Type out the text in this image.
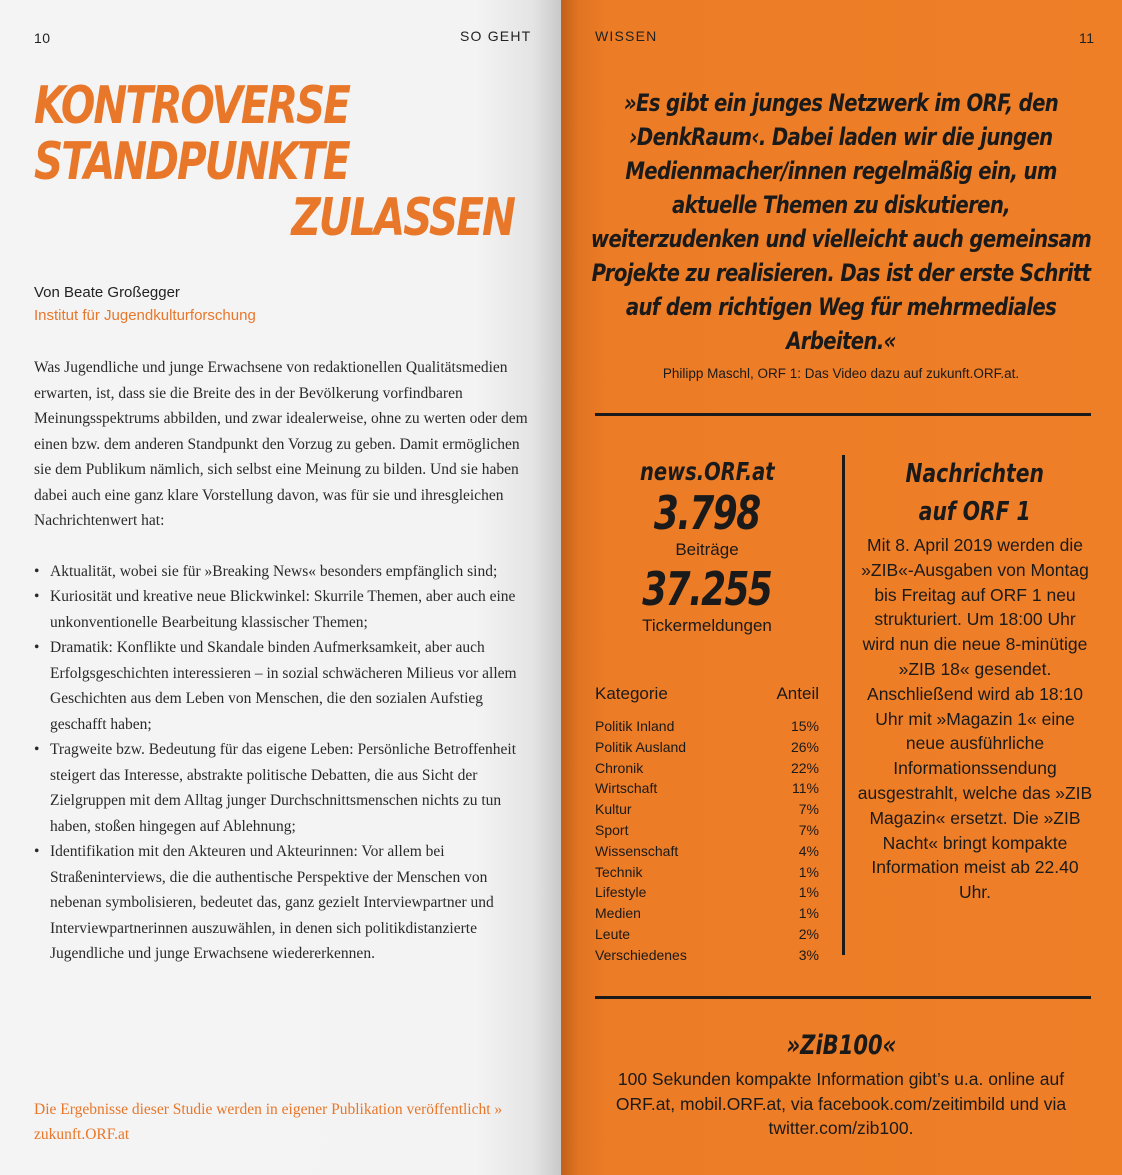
10	SO GEHT
KONTROVERSE
STANDPUNKTE
ZULASSEN
Von Beate Großegger
Institut für Jugendkulturforschung

Was Jugendliche und junge Erwachsene von redaktionellen Qualitätsmedien erwarten, ist, dass sie die Breite des in der Bevölkerung vorfindbaren Meinungsspektrums abbilden, und zwar idealerweise, ohne zu werten oder dem einen bzw. dem anderen Standpunkt den Vorzug zu geben. Damit ermöglichen sie dem Publikum nämlich, sich selbst eine Meinung zu bilden. Und sie haben dabei auch eine ganz klare Vorstellung davon, was für sie und ihresgleichen Nachrichtenwert hat:

• Aktualität, wobei sie für »Breaking News« besonders empfänglich sind;
• Kuriosität und kreative neue Blickwinkel: Skurrile Themen, aber auch eine unkonventionelle Bearbeitung klassischer Themen;
• Dramatik: Konflikte und Skandale binden Aufmerksamkeit, aber auch Erfolgsgeschichten interessieren – in sozial schwächeren Milieus vor allem Geschichten aus dem Leben von Menschen, die den sozialen Aufstieg geschafft haben;
• Tragweite bzw. Bedeutung für das eigene Leben: Persönliche Betroffenheit steigert das Interesse, abstrakte politische Debatten, die aus Sicht der Zielgruppen mit dem Alltag junger Durchschnittsmenschen nichts zu tun haben, stoßen hingegen auf Ablehnung;
• Identifikation mit den Akteuren und Akteurinnen: Vor allem bei Straßeninterviews, die die authentische Perspektive der Menschen von nebenan symbolisieren, bedeutet das, ganz gezielt Interviewpartner und Interviewpartnerinnen auszuwählen, in denen sich politikdistanzierte Jugendliche und junge Erwachsene wiedererkennen.
Die Ergebnisse dieser Studie werden in eigener Publikation veröffentlicht » zukunft.ORF.at
WISSEN	11
»Es gibt ein junges Netzwerk im ORF, den ›DenkRaum‹. Dabei laden wir die jungen Medienmacher/innen regelmäßig ein, um aktuelle Themen zu diskutieren, weiterzudenken und vielleicht auch gemeinsam Projekte zu realisieren. Das ist der erste Schritt auf dem richtigen Weg für mehrmediales Arbeiten.«
Philipp Maschl, ORF 1: Das Video dazu auf zukunft.ORF.at.
news.ORF.at
3.798
Beiträge
37.255
Tickermeldungen
Kategorie	Anteil
Politik Inland	15%
Politik Ausland	26%
Chronik	22%
Wirtschaft	11%
Kultur	7%
Sport	7%
Wissenschaft	4%
Technik	1%
Lifestyle	1%
Medien	1%
Leute	2%
Verschiedenes	3%
Nachrichten
auf ORF 1
Mit 8. April 2019 werden die »ZIB«-Ausgaben von Montag bis Freitag auf ORF 1 neu strukturiert. Um 18:00 Uhr wird nun die neue 8-minütige »ZIB 18« gesendet. Anschließend wird ab 18:10 Uhr mit »Magazin 1« eine neue ausführliche Informationssendung ausgestrahlt, welche das »ZIB Magazin« ersetzt. Die »ZIB Nacht« bringt kompakte Information meist ab 22.40 Uhr.
»ZiB100«
100 Sekunden kompakte Information gibt’s u.a. online auf ORF.at, mobil.ORF.at, via facebook.com/zeitimbild und via twitter.com/zib100.
